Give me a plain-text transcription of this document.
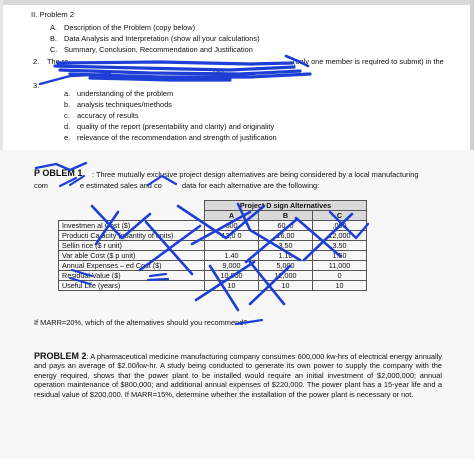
II. Problem 2
A. Description of the Problem (copy below)
B. Data Analysis and Interpretation (show all your calculations)
C. Summary, Conclusion, Recommendation and Justification
2. The re	(only one member is required to submit) in the
PM.
3.
a. understanding of the problem
b. analysis techniques/methods
c. accuracy of results
d. quality of the report (presentability and clarity) and originality
e. relevance of the recommendation and strength of justification
P OBLEM 1 : Three mutually exclusive project design alternatives are being considered by a local manufacturing
com	e estimated sales and co	data for each alternative are the following:
	Project D sign Alternatives		
	A	B	C
Investmen al Cost ($)	000	60, 0	,000
Producti Ca acity (quantity of units)	12,0 0	16,00	12,000
Sellin rice ($ r unit)		3.50	3.50
Var able Cost ($ p unit)	1.40	1.10	1.50
Annual Expenses – ed Cost ($)	9,000	5,000	11,000
Residual Value ($)	10,000	12,000	0
Useful Life (years)	10	10	10
If MARR=20%, which of the alternatives should you recommend?
PROBLEM 2: A pharmaceutical medicine manufacturing company consumes 600,000 kw-hrs of electrical energy annually and pays an average of $2.00/kw-hr. A study being conducted to generate its own power to supply the company with the energy required, shows that the power plant to be installed would require an initial investment of $2,000,000; annual operation maintenance of $800,000; and additional annual expenses of $220,000. The power plant has a 15-year life and a residual value of $200,000. If MARR=15%, determine whether the installation of the power plant is necessary or not.
